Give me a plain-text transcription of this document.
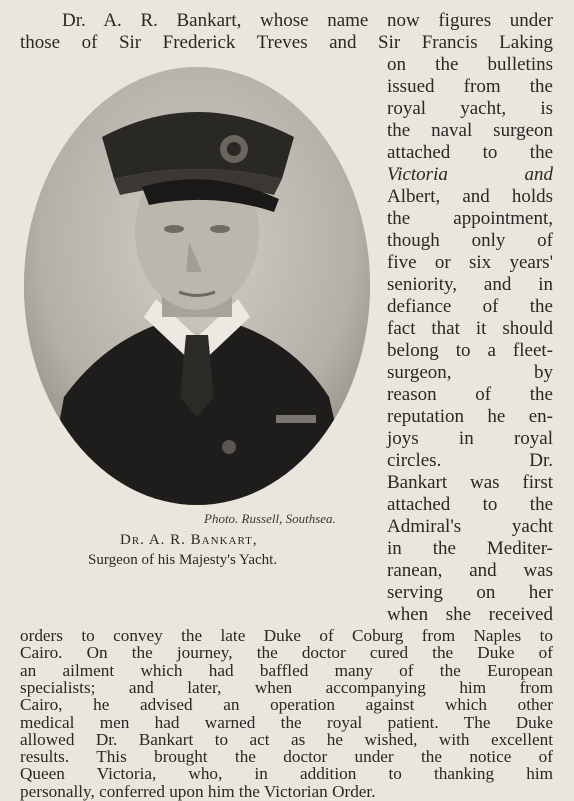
Dr. A. R. Bankart, whose name now figures under
those of Sir Frederick Treves and Sir Francis Laking
Photo. Russell, Southsea.
Dr. A. R. Bankart,
Surgeon of his Majesty's Yacht.
on the bulletins
issued from the
royal yacht, is
the naval surgeon
attached to the
Victoria and
Albert, and holds
the appointment,
though only of
five or six years'
seniority, and in
defiance of the
fact that it should
belong to a fleet-
surgeon, by
reason of the
reputation he en-
joys in royal
circles. Dr.
Bankart was first
attached to the
Admiral's yacht
in the Mediter-
ranean, and was
serving on her
when she received
orders to convey the late Duke of Coburg from Naples to
Cairo. On the journey, the doctor cured the Duke of
an ailment which had baffled many of the European
specialists; and later, when accompanying him from
Cairo, he advised an operation against which other
medical men had warned the royal patient. The Duke
allowed Dr. Bankart to act as he wished, with excellent
results. This brought the doctor under the notice of
Queen Victoria, who, in addition to thanking him
personally, conferred upon him the Victorian Order.
